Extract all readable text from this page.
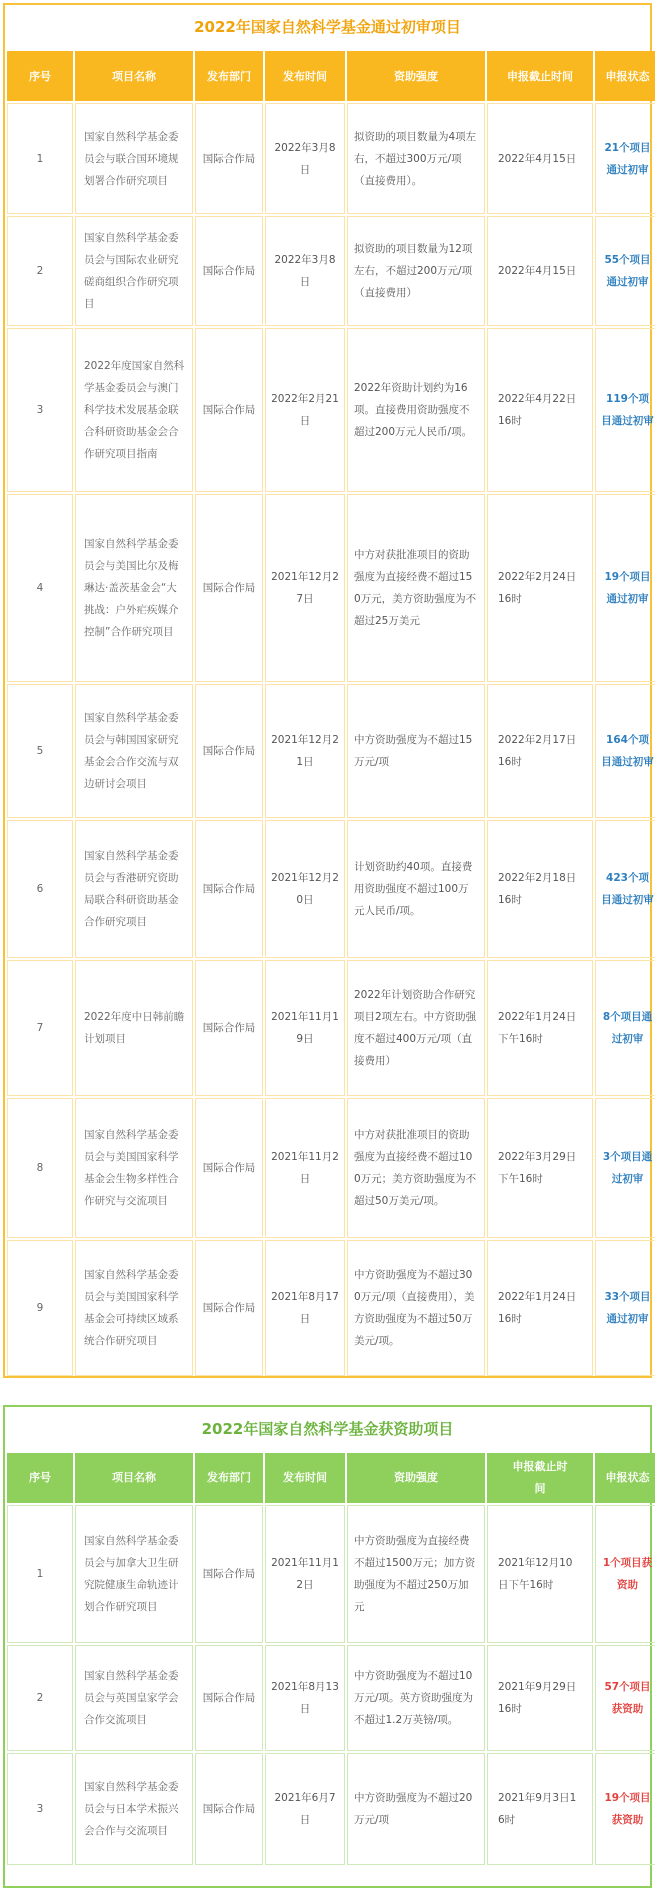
2022年国家自然科学基金通过初审项目
序号	项目名称	发布部门	发布时间	资助强度	申报截止时间	申报状态
1	国家自然科学基金委员会与联合国环境规划署合作研究项目	国际合作局	2022年3月8日	拟资助的项目数量为4项左右，不超过300万元/项（直接费用）。	2022年4月15日	21个项目通过初审
2	国家自然科学基金委员会与国际农业研究磋商组织合作研究项目	国际合作局	2022年3月8日	拟资助的项目数量为12项左右，不超过200万元/项（直接费用）	2022年4月15日	55个项目通过初审
3	2022年度国家自然科学基金委员会与澳门科学技术发展基金联合科研资助基金会合作研究项目指南	国际合作局	2022年2月21日	2022年资助计划约为16项。直接费用资助强度不超过200万元人民币/项。	2022年4月22日16时	119个项目通过初审
4	国家自然科学基金委员会与美国比尔及梅琳达·盖茨基金会“大挑战：户外疟疾媒介控制”合作研究项目	国际合作局	2021年12月27日	中方对获批准项目的资助强度为直接经费不超过150万元，美方资助强度为不超过25万美元	2022年2月24日16时	19个项目通过初审
5	国家自然科学基金委员会与韩国国家研究基金会合作交流与双边研讨会项目	国际合作局	2021年12月21日	中方资助强度为不超过15万元/项	2022年2月17日16时	164个项目通过初审
6	国家自然科学基金委员会与香港研究资助局联合科研资助基金合作研究项目	国际合作局	2021年12月20日	计划资助约40项。直接费用资助强度不超过100万元人民币/项。	2022年2月18日16时	423个项目通过初审
7	2022年度中日韩前瞻计划项目	国际合作局	2021年11月19日	2022年计划资助合作研究项目2项左右。中方资助强度不超过400万元/项（直接费用）	2022年1月24日下午16时	8个项目通过初审
8	国家自然科学基金委员会与美国国家科学基金会生物多样性合作研究与交流项目	国际合作局	2021年11月2日	中方对获批准项目的资助强度为直接经费不超过100万元；美方资助强度为不超过50万美元/项。	2022年3月29日下午16时	3个项目通过初审
9	国家自然科学基金委员会与美国国家科学基金会可持续区域系统合作研究项目	国际合作局	2021年8月17日	中方资助强度为不超过300万元/项（直接费用），美方资助强度为不超过50万美元/项。	2022年1月24日16时	33个项目通过初审
2022年国家自然科学基金获资助项目
序号	项目名称	发布部门	发布时间	资助强度	申报截止时间	申报状态
1	国家自然科学基金委员会与加拿大卫生研究院健康生命轨迹计划合作研究项目	国际合作局	2021年11月12日	中方资助强度为直接经费不超过1500万元；加方资助强度为不超过250万加元	2021年12月10日下午16时	1个项目获资助
2	国家自然科学基金委员会与英国皇家学会合作交流项目	国际合作局	2021年8月13日	中方资助强度为不超过10万元/项。英方资助强度为不超过1.2万英镑/项。	2021年9月29日16时	57个项目获资助
3	国家自然科学基金委员会与日本学术振兴会合作与交流项目	国际合作局	2021年6月7日	中方资助强度为不超过20万元/项	2021年9月3日16时	19个项目获资助
